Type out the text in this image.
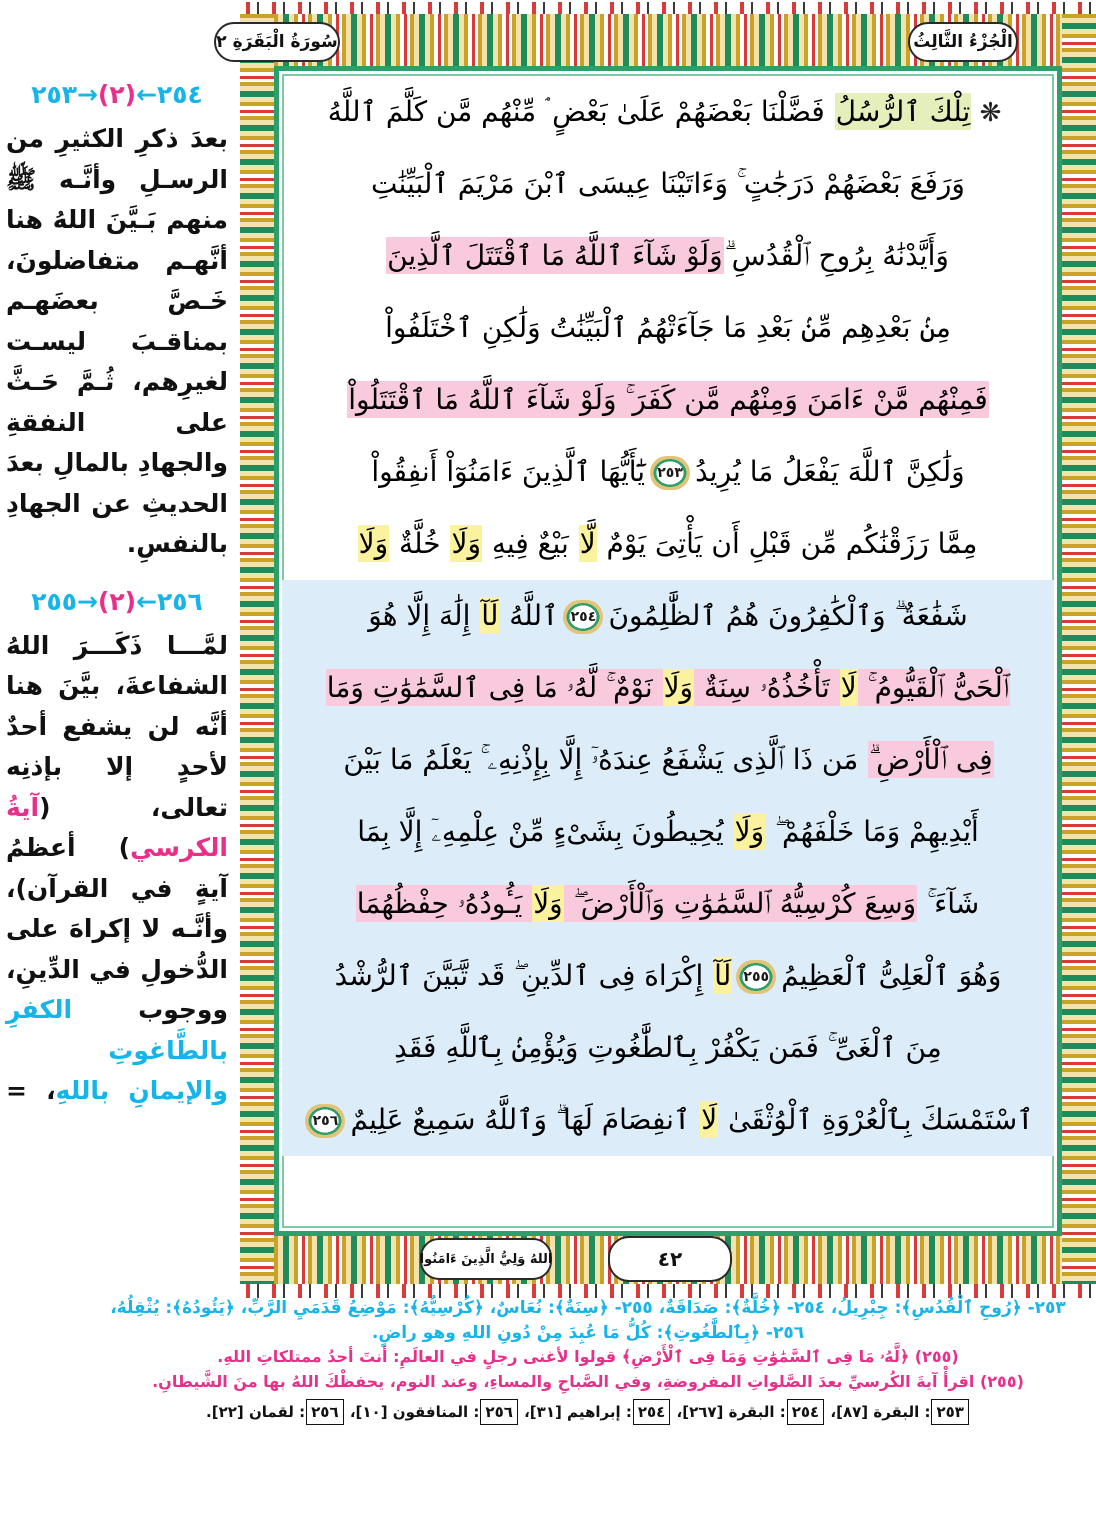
سُورَةُ الْبَقَرَةِ ٢	الْجُزْءُ الثَّالِثُ
❋تِلْكَ ٱلرُّسُلُ فَضَّلْنَا بَعْضَهُمْ عَلَىٰ بَعْضٍ ۘ مِّنْهُم مَّن كَلَّمَ ٱللَّهُ
وَرَفَعَ بَعْضَهُمْ دَرَجَٰتٍ ۚ وَءَاتَيْنَا عِيسَى ٱبْنَ مَرْيَمَ ٱلْبَيِّنَٰتِ
وَأَيَّدْنَٰهُ بِرُوحِ ٱلْقُدُسِ ۗوَلَوْ شَآءَ ٱللَّهُ مَا ٱقْتَتَلَ ٱلَّذِينَ
مِنۢ بَعْدِهِم مِّنۢ بَعْدِ مَا جَآءَتْهُمُ ٱلْبَيِّنَٰتُ وَلَٰكِنِ ٱخْتَلَفُواْ
فَمِنْهُم مَّنْ ءَامَنَ وَمِنْهُم مَّن كَفَرَ ۚ وَلَوْ شَآءَ ٱللَّهُ مَا ٱقْتَتَلُواْ
وَلَٰكِنَّ ٱللَّهَ يَفْعَلُ مَا يُرِيدُ٢٥٣يَٰٓأَيُّهَا ٱلَّذِينَ ءَامَنُوٓاْ أَنفِقُواْ
مِمَّا رَزَقْنَٰكُم مِّن قَبْلِ أَن يَأْتِىَ يَوْمٌ لَّا بَيْعٌ فِيهِ وَلَا خُلَّةٌ وَلَا
شَفَٰعَةٌ ۗ وَٱلْكَٰفِرُونَ هُمُ ٱلظَّٰلِمُونَ٢٥٤ٱللَّهُ لَآ إِلَٰهَ إِلَّا هُوَ
ٱلْحَىُّ ٱلْقَيُّومُ ۚ لَا تَأْخُذُهُۥ سِنَةٌ وَلَا نَوْمٌ ۚ لَّهُۥ مَا فِى ٱلسَّمَٰوَٰتِ وَمَا
فِى ٱلْأَرْضِ ۗ مَن ذَا ٱلَّذِى يَشْفَعُ عِندَهُۥٓ إِلَّا بِإِذْنِهِۦ ۚ يَعْلَمُ مَا بَيْنَ
أَيْدِيهِمْ وَمَا خَلْفَهُمْ ۖ وَلَا يُحِيطُونَ بِشَىْءٍ مِّنْ عِلْمِهِۦٓ إِلَّا بِمَا
شَآءَ ۚ وَسِعَ كُرْسِيُّهُ ٱلسَّمَٰوَٰتِ وَٱلْأَرْضَ ۖ وَلَا يَـُٔودُهُۥ حِفْظُهُمَا
وَهُوَ ٱلْعَلِىُّ ٱلْعَظِيمُ٢٥٥لَآ إِكْرَاهَ فِى ٱلدِّينِ ۖ قَد تَّبَيَّنَ ٱلرُّشْدُ
مِنَ ٱلْغَىِّ ۚ فَمَن يَكْفُرْ بِٱلطَّٰغُوتِ وَيُؤْمِنۢ بِٱللَّهِ فَقَدِ
ٱسْتَمْسَكَ بِٱلْعُرْوَةِ ٱلْوُثْقَىٰ لَا ٱنفِصَامَ لَهَا ۗ وَٱللَّهُ سَمِيعٌ عَلِيمٌ٢٥٦
٢٥٤←(٢)→٢٥٣
بعدَ ذكرِ الكثيرِ من الرسـلِ وأنَّـه ﷺ منهم بَـيَّنَ اللهُ هنا أنَّهـم متفاضلونَ، خَـصَّ بعضَهـم بمناقـبَ ليسـت لغيرِهم، ثُـمَّ حَـثَّ على النفقةِ والجهادِ بالمالِ بعدَ الحديثِ عن الجهادِ بالنفسِ.
٢٥٦←(٢)→٢٥٥
لمَّـــا ذَكَـــرَ اللهُ الشفاعةَ، بيَّنَ هنا أنَّه لن يشفع أحدٌ لأحدٍ إلا بإذنِه تعالى، (آيةُ الكرسي) أعظمُ آيةٍ في القرآن)، وأنَّـه لا إكراهَ على الدُّخولِ في الدِّينِ، ووجوب الكفرِ بالطَّاغوتِ والإيمانِ باللهِ، =
اللهُ وَلِيُّ الَّذِينَ ءَامَنُوا	٤٢
٢٥٣- ﴿رُوحِ ٱلْقُدُسِ﴾: جِبْرِيلُ، ٢٥٤- ﴿خُلَّةٌ﴾: صَدَاقَةٌ، ٢٥٥- ﴿سِنَةٌ﴾: نُعَاسٌ، ﴿كُرْسِيُّهُ﴾: مَوْضِعُ قَدَمَيِ الرَّبِّ، ﴿يَئُودُهُ﴾: يُثْقِلُهُ،
٢٥٦- ﴿بِٱلطَّٰغُوتِ﴾: كُلُّ مَا عُبِدَ مِنْ دُونِ اللهِ وهو راضٍ.
(٢٥٥) ﴿لَّهُۥ مَا فِى ٱلسَّمَٰوَٰتِ وَمَا فِى ٱلْأَرْضِ﴾ قولوا لأغنى رجلٍ في العالَمِ: أنتَ أحدُ ممتلكاتِ اللهِ.
(٢٥٥) اقرأْ آيةَ الكُرسيِّ بعدَ الصَّلواتِ المفروضةِ، وفي الصَّباحِ والمساءِ، وعند النوم، يحفظْكَ اللهُ بها منَ الشَّيطانِ.
٢٥٣: البقرة [٨٧]، ٢٥٤: البقرة [٢٦٧]، ٢٥٤: إبراهيم [٣١]، ٢٥٦: المنافقون [١٠]، ٢٥٦: لقمان [٢٢].
